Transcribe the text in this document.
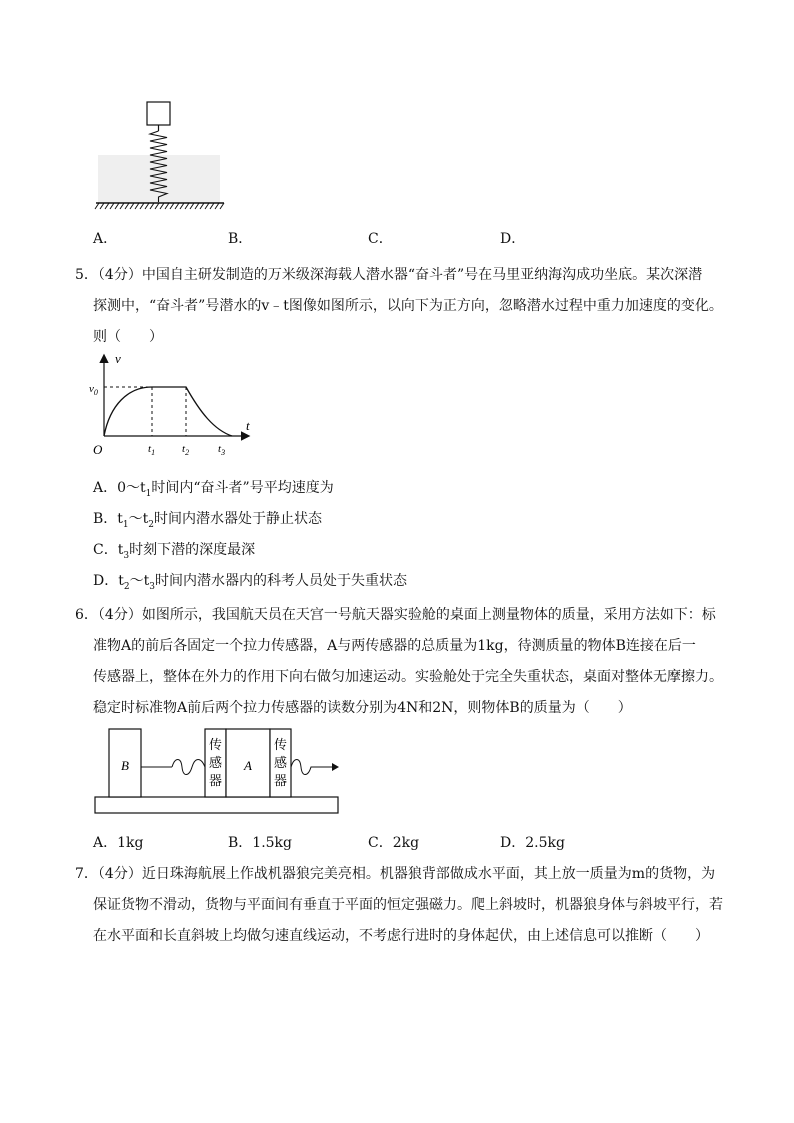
A．	B．	C．	D．
5．（4分）中国自主研发制造的万米级深海载人潜水器“奋斗者”号在马里亚纳海沟成功坐底。某次深潜
探测中，“奋斗者”号潜水的v﹣t图像如图所示，以向下为正方向，忽略潜水过程中重力加速度的变化。
则（　　）
v
t
O
$v_0$
$t_1$ $t_2$	$t_3$
A．$0\sim t_1$时间内“奋斗者”号平均速度为
B．$t_1\sim t_2$时间内潜水器处于静止状态
C．$t_3$时刻下潜的深度最深
D．$t_2\sim t_3$时间内潜水器内的科考人员处于失重状态
6．（4分）如图所示，我国航天员在天宫一号航天器实验舱的桌面上测量物体的质量，采用方法如下：标
准物A的前后各固定一个拉力传感器，A与两传感器的总质量为1kg，待测质量的物体B连接在后一
传感器上，整体在外力的作用下向右做匀加速运动。实验舱处于完全失重状态，桌面对整体无摩擦力。
稳定时标准物A前后两个拉力传感器的读数分别为4N和2N，则物体B的质量为（　　）
B
传
感
器
A
传
感
器
A．1kg	B．1.5kg	C．2kg	D．2.5kg
7．（4分）近日珠海航展上作战机器狼完美亮相。机器狼背部做成水平面，其上放一质量为m的货物，为
保证货物不滑动，货物与平面间有垂直于平面的恒定强磁力。爬上斜坡时，机器狼身体与斜坡平行，若
在水平面和长直斜坡上均做匀速直线运动，不考虑行进时的身体起伏，由上述信息可以推断（　　）
